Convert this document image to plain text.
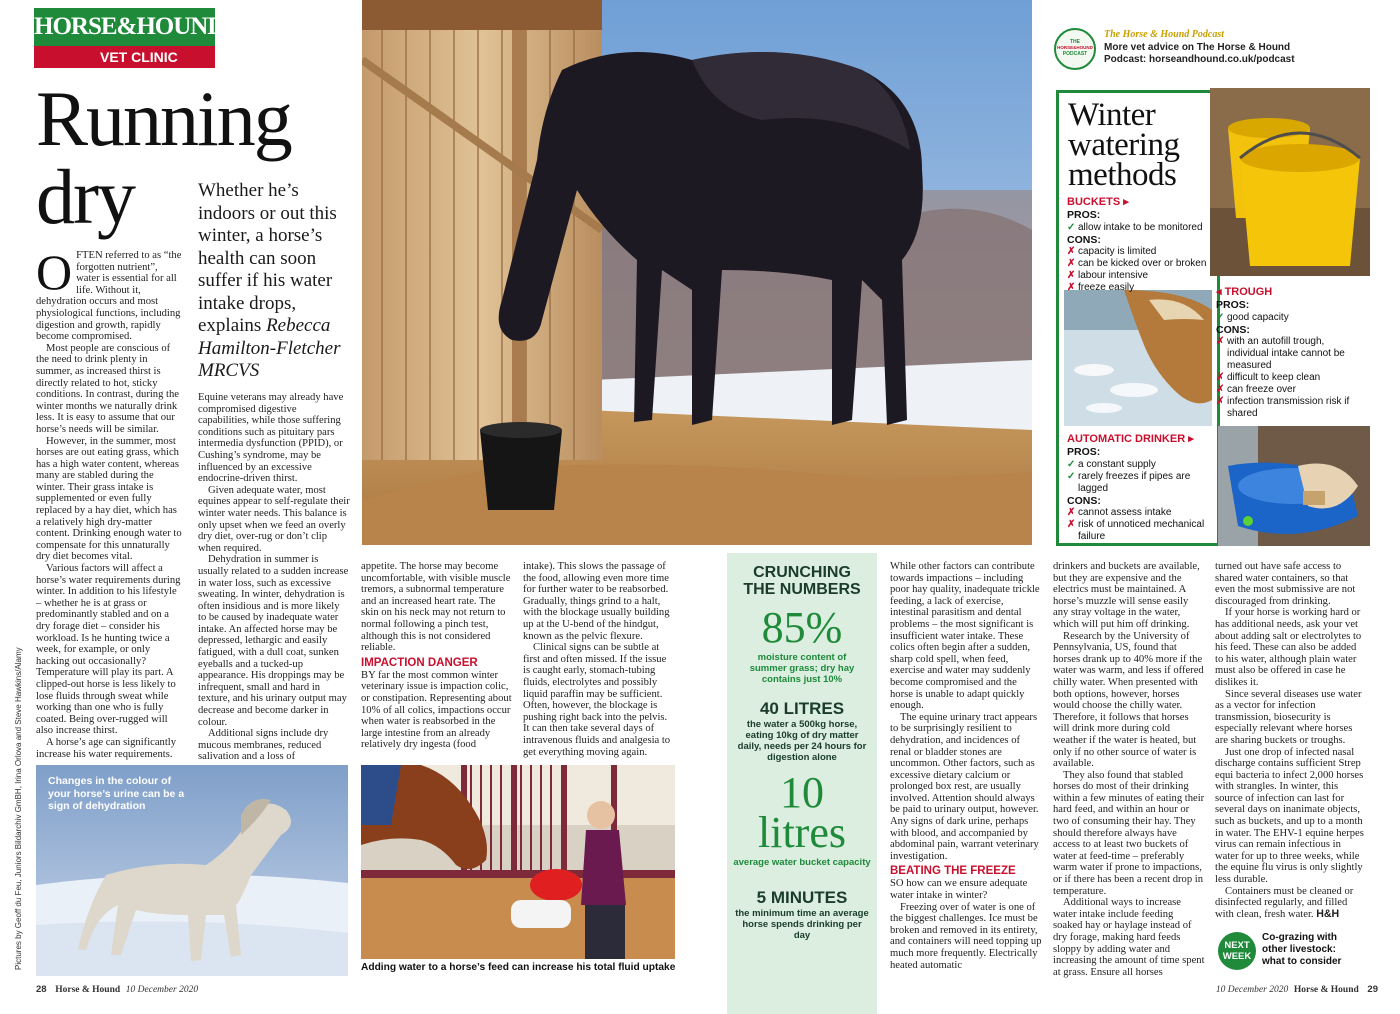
HORSE&HOUND
VET CLINIC
Running
dry	Whether he’s indoors or out this winter, a horse’s health can soon suffer if his water intake drops, explains Rebecca Hamilton-Fletcher MRCVS
THE
HORSE&HOUND
PODCAST
The Horse & Hound Podcast
More vet advice on The Horse & Hound
Podcast: horseandhound.co.uk/podcast
Winter
watering
methods
BUCKETS ▸
PROS:
✓ allow intake to be monitored
CONS:
✗ capacity is limited
✗ can be kicked over or broken
✗ labour intensive
✗ freeze easily	◂ TROUGH
PROS:
✓ good capacity
CONS:
✗ with an autofill trough, individual intake cannot be measured
✗ difficult to keep clean
✗ can freeze over
✗ infection transmission risk if shared
AUTOMATIC DRINKER ▸
PROS:
✓ a constant supply
✓ rarely freezes if pipes are lagged
CONS:
✗ cannot assess intake
✗ risk of unnoticed mechanical failure
O FTEN referred to as “the forgotten nutrient”, water is essential for all life. Without it, dehydration occurs and most physiological functions, including digestion and growth, rapidly become compromised.

Most people are conscious of the need to drink plenty in summer, as increased thirst is directly related to hot, sticky conditions. In contrast, during the winter months we naturally drink less. It is easy to assume that our horse’s needs will be similar.

However, in the summer, most horses are out eating grass, which has a high water content, whereas many are stabled during the winter. Their grass intake is supplemented or even fully replaced by a hay diet, which has a relatively high dry-matter content. Drinking enough water to compensate for this unnaturally dry diet becomes vital.

Various factors will affect a horse’s water requirements during winter. In addition to his lifestyle – whether he is at grass or predominantly stabled and on a dry forage diet – consider his workload. Is he hunting twice a week, for example, or only hacking out occasionally? Temperature will play its part. A clipped-out horse is less likely to lose fluids through sweat while working than one who is fully coated. Being over-rugged will also increase thirst.

A horse’s age can significantly increase his water requirements.

Equine veterans may already have compromised digestive capabilities, while those suffering conditions such as pituitary pars intermedia dysfunction (PPID), or Cushing’s syndrome, may be influenced by an excessive endocrine-driven thirst.

Given adequate water, most equines appear to self-regulate their winter water needs. This balance is only upset when we feed an overly dry diet, over-rug or don’t clip when required.

Dehydration in summer is usually related to a sudden increase in water loss, such as excessive sweating. In winter, dehydration is often insidious and is more likely to be caused by inadequate water intake. An affected horse may be depressed, lethargic and easily fatigued, with a dull coat, sunken eyeballs and a tucked-up appearance. His droppings may be infrequent, small and hard in texture, and his urinary output may decrease and become darker in colour.

Additional signs include dry mucous membranes, reduced salivation and a loss of

appetite. The horse may become uncomfortable, with visible muscle tremors, a subnormal temperature and an increased heart rate. The skin on his neck may not return to normal following a pinch test, although this is not considered reliable.

IMPACTION DANGER

BY far the most common winter veterinary issue is impaction colic, or constipation. Representing about 10% of all colics, impactions occur when water is reabsorbed in the large intestine from an already relatively dry ingesta (food

intake). This slows the passage of the food, allowing even more time for further water to be reabsorbed. Gradually, things grind to a halt, with the blockage usually building up at the U-bend of the hindgut, known as the pelvic flexure.

Clinical signs can be subtle at first and often missed. If the issue is caught early, stomach-tubing fluids, electrolytes and possibly liquid paraffin may be sufficient. Often, however, the blockage is pushing right back into the pelvis. It can then take several days of intravenous fluids and analgesia to get everything moving again.

Changes in the colour of your horse’s urine can be a sign of dehydration
Pictures by Geoff du Feu, Juniors Bildarchiv GmBH, Irina Orlova and Steve Hawkins/Alamy	Adding water to a horse’s feed can increase his total fluid uptake
CRUNCHING
THE NUMBERS
85%
moisture content of summer grass; dry hay contains just 10%
40 LITRES
the water a 500kg horse, eating 10kg of dry matter daily, needs per 24 hours for digestion alone
10
litres
average water bucket capacity
5 MINUTES
the minimum time an average horse spends drinking per day

While other factors can contribute towards impactions – including poor hay quality, inadequate trickle feeding, a lack of exercise, intestinal parasitism and dental problems – the most significant is insufficient water intake. These colics often begin after a sudden, sharp cold spell, when feed, exercise and water may suddenly become compromised and the horse is unable to adapt quickly enough.

The equine urinary tract appears to be surprisingly resilient to dehydration, and incidences of renal or bladder stones are uncommon. Other factors, such as excessive dietary calcium or prolonged box rest, are usually involved. Attention should always be paid to urinary output, however. Any signs of dark urine, perhaps with blood, and accompanied by abdominal pain, warrant veterinary investigation.

BEATING THE FREEZE

SO how can we ensure adequate water intake in winter?

Freezing over of water is one of the biggest challenges. Ice must be broken and removed in its entirety, and containers will need topping up much more frequently. Electrically heated automatic

drinkers and buckets are available, but they are expensive and the electrics must be maintained. A horse’s muzzle will sense easily any stray voltage in the water, which will put him off drinking.

Research by the University of Pennsylvania, US, found that horses drank up to 40% more if the water was warm, and less if offered chilly water. When presented with both options, however, horses would choose the chilly water. Therefore, it follows that horses will drink more during cold weather if the water is heated, but only if no other source of water is available.

They also found that stabled horses do most of their drinking within a few minutes of eating their hard feed, and within an hour or two of consuming their hay. They should therefore always have access to at least two buckets of water at feed-time – preferably warm water if prone to impactions, or if there has been a recent drop in temperature.

Additional ways to increase water intake include feeding soaked hay or haylage instead of dry forage, making hard feeds sloppy by adding water and increasing the amount of time spent at grass. Ensure all horses

turned out have safe access to shared water containers, so that even the most submissive are not discouraged from drinking.

If your horse is working hard or has additional needs, ask your vet about adding salt or electrolytes to his feed. These can also be added to his water, although plain water must also be offered in case he dislikes it.

Since several diseases use water as a vector for infection transmission, biosecurity is especially relevant where horses are sharing buckets or troughs.

Just one drop of infected nasal discharge contains sufficient Strep equi bacteria to infect 2,000 horses with strangles. In winter, this source of infection can last for several days on inanimate objects, such as buckets, and up to a month in water. The EHV-1 equine herpes virus can remain infectious in water for up to three weeks, while the equine flu virus is only slightly less durable.

Containers must be cleaned or disinfected regularly, and filled with clean, fresh water. H&H

NEXT
WEEK
Co-grazing with
other livestock:
what to consider
28 Horse & Hound 10 December 2020	10 December 2020 Horse & Hound 29
